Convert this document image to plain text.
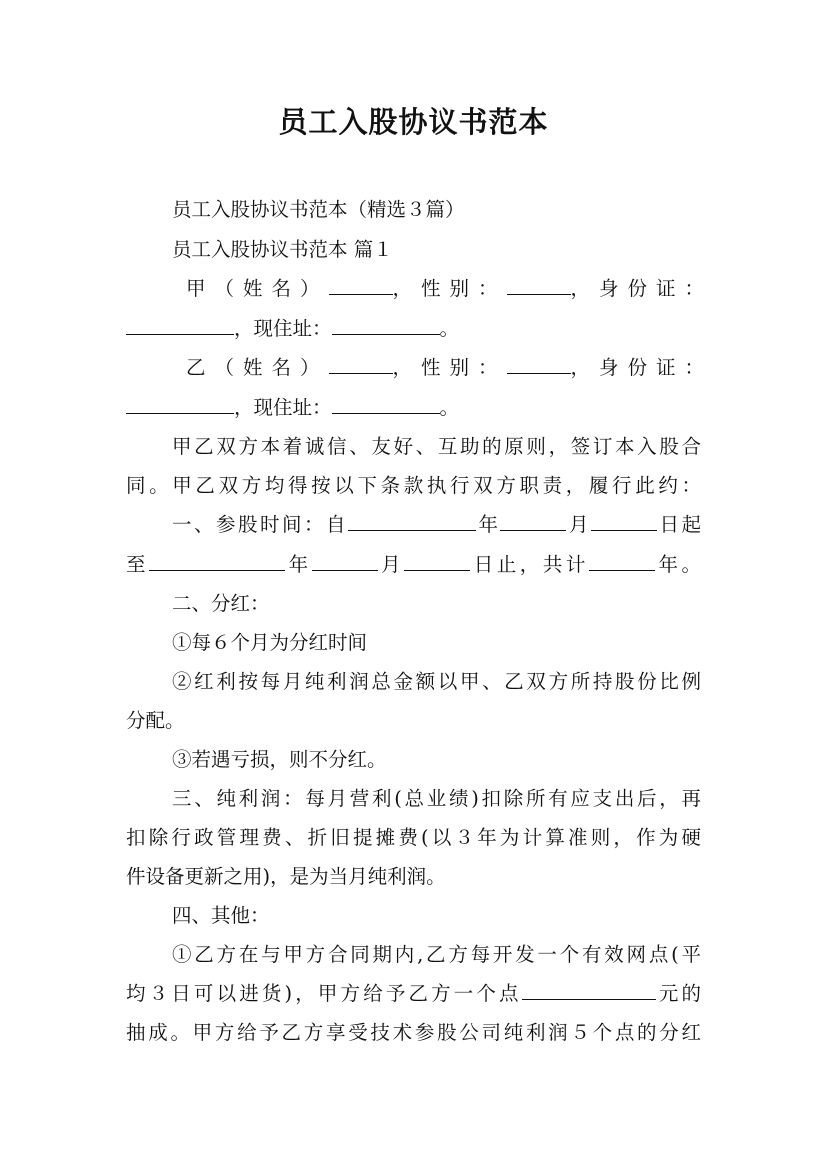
员工入股协议书范本
员工入股协议书范本（精选３篇）
员工入股协议书范本 篇１
甲（姓名）	，性别：	，身份证：
，现住址：	。
乙（姓名）	，性别：	，身份证：
，现住址：	。
甲乙双方本着诚信、友好、互助的原则，签订本入股合
同。甲乙双方均得按以下条款执行双方职责，履行此约：
一、参股时间：自	年	月	日起
至	年	月	日止，共计	年。
二、分红：
①每６个月为分红时间
②红利按每月纯利润总金额以甲、乙双方所持股份比例
分配。
③若遇亏损，则不分红。
三、纯利润：每月营利(总业绩)扣除所有应支出后，再
扣除行政管理费、折旧提摊费(以３年为计算准则，作为硬
件设备更新之用)，是为当月纯利润。
四、其他：
①乙方在与甲方合同期内,乙方每开发一个有效网点(平
均３日可以进货)，甲方给予乙方一个点	元的
抽成。甲方给予乙方享受技术参股公司纯利润５个点的分红
